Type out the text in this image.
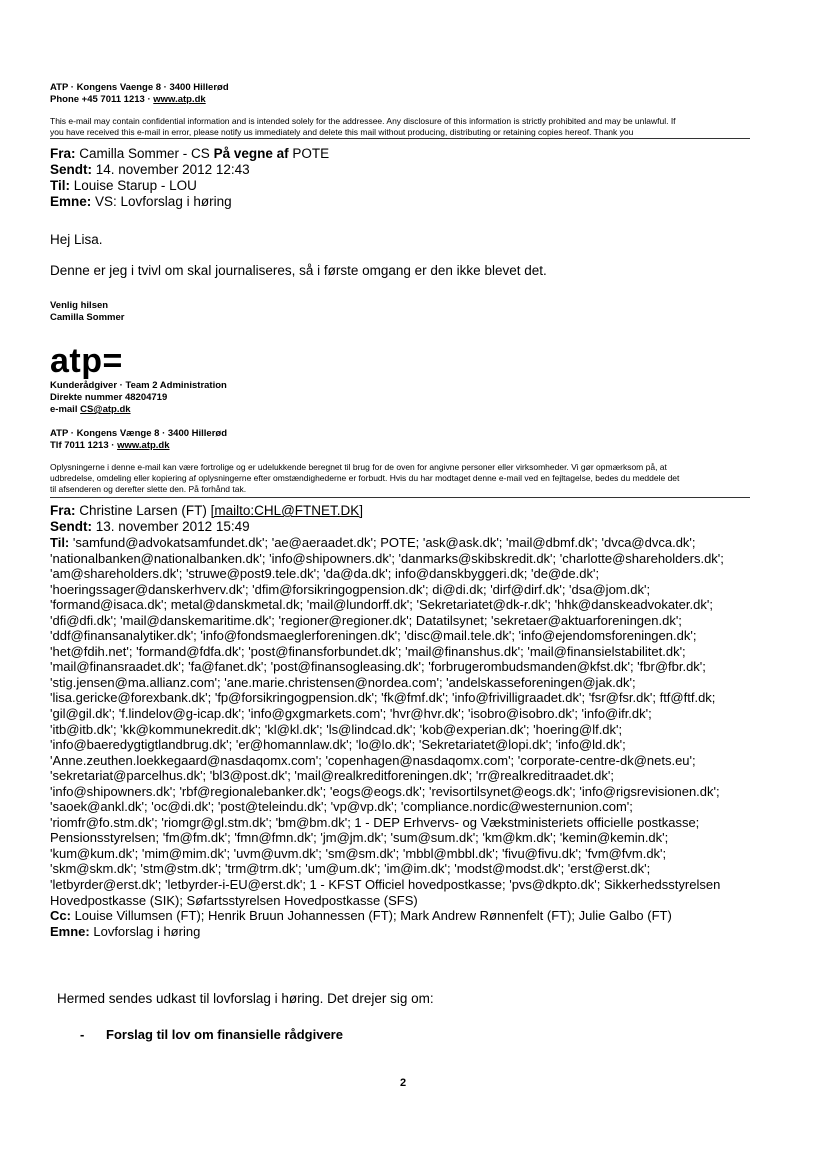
ATP · Kongens Vaenge 8 · 3400 Hillerød
Phone +45 7011 1213 · www.atp.dk
This e-mail may contain confidential information and is intended solely for the addressee. Any disclosure of this information is strictly prohibited and may be unlawful. If
you have received this e-mail in error, please notify us immediately and delete this mail without producing, distributing or retaining copies hereof. Thank you
Fra: Camilla Sommer - CS På vegne af POTE
Sendt: 14. november 2012 12:43
Til: Louise Starup - LOU
Emne: VS: Lovforslag i høring
Hej Lisa.
Denne er jeg i tvivl om skal journaliseres, så i første omgang er den ikke blevet det.
Venlig hilsen
Camilla Sommer
atp=
Kunderådgiver · Team 2 Administration
Direkte nummer 48204719
e-mail CS@atp.dk
ATP · Kongens Vænge 8 · 3400 Hillerød
Tlf 7011 1213 · www.atp.dk
Oplysningerne i denne e-mail kan være fortrolige og er udelukkende beregnet til brug for de oven for angivne personer eller virksomheder. Vi gør opmærksom på, at
udbredelse, omdeling eller kopiering af oplysningerne efter omstændighederne er forbudt. Hvis du har modtaget denne e-mail ved en fejltagelse, bedes du meddele det
til afsenderen og derefter slette den. På forhånd tak.
Fra: Christine Larsen (FT) [mailto:CHL@FTNET.DK]
Sendt: 13. november 2012 15:49
Til: 'samfund@advokatsamfundet.dk'; 'ae@aeraadet.dk'; POTE; 'ask@ask.dk'; 'mail@dbmf.dk'; 'dvca@dvca.dk';
'nationalbanken@nationalbanken.dk'; 'info@shipowners.dk'; 'danmarks@skibskredit.dk'; 'charlotte@shareholders.dk';
'am@shareholders.dk'; 'struwe@post9.tele.dk'; 'da@da.dk'; info@danskbyggeri.dk; 'de@de.dk';
'hoeringssager@danskerhverv.dk'; 'dfim@forsikringogpension.dk'; di@di.dk; 'dirf@dirf.dk'; 'dsa@jom.dk';
'formand@isaca.dk'; metal@danskmetal.dk; 'mail@lundorff.dk'; 'Sekretariatet@dk-r.dk'; 'hhk@danskeadvokater.dk';
'dfi@dfi.dk'; 'mail@danskemaritime.dk'; 'regioner@regioner.dk'; Datatilsynet; 'sekretaer@aktuarforeningen.dk';
'ddf@finansanalytiker.dk'; 'info@fondsmaeglerforeningen.dk'; 'disc@mail.tele.dk'; 'info@ejendomsforeningen.dk';
'het@fdih.net'; 'formand@fdfa.dk'; 'post@finansforbundet.dk'; 'mail@finanshus.dk'; 'mail@finansielstabilitet.dk';
'mail@finansraadet.dk'; 'fa@fanet.dk'; 'post@finansogleasing.dk'; 'forbrugerombudsmanden@kfst.dk'; 'fbr@fbr.dk';
'stig.jensen@ma.allianz.com'; 'ane.marie.christensen@nordea.com'; 'andelskasseforeningen@jak.dk';
'lisa.gericke@forexbank.dk'; 'fp@forsikringogpension.dk'; 'fk@fmf.dk'; 'info@frivilligraadet.dk'; 'fsr@fsr.dk'; ftf@ftf.dk;
'gil@gil.dk'; 'f.lindelov@g-icap.dk'; 'info@gxgmarkets.com'; 'hvr@hvr.dk'; 'isobro@isobro.dk'; 'info@ifr.dk';
'itb@itb.dk'; 'kk@kommunekredit.dk'; 'kl@kl.dk'; 'ls@lindcad.dk'; 'kob@experian.dk'; 'hoering@lf.dk';
'info@baeredygtigtlandbrug.dk'; 'er@homannlaw.dk'; 'lo@lo.dk'; 'Sekretariatet@lopi.dk'; 'info@ld.dk';
'Anne.zeuthen.loekkegaard@nasdaqomx.com'; 'copenhagen@nasdaqomx.com'; 'corporate-centre-dk@nets.eu';
'sekretariat@parcelhus.dk'; 'bl3@post.dk'; 'mail@realkreditforeningen.dk'; 'rr@realkreditraadet.dk';
'info@shipowners.dk'; 'rbf@regionalebanker.dk'; 'eogs@eogs.dk'; 'revisortilsynet@eogs.dk'; 'info@rigsrevisionen.dk';
'saoek@ankl.dk'; 'oc@di.dk'; 'post@teleindu.dk'; 'vp@vp.dk'; 'compliance.nordic@westernunion.com';
'riomfr@fo.stm.dk'; 'riomgr@gl.stm.dk'; 'bm@bm.dk'; 1 - DEP Erhvervs- og Vækstministeriets officielle postkasse;
Pensionsstyrelsen; 'fm@fm.dk'; 'fmn@fmn.dk'; 'jm@jm.dk'; 'sum@sum.dk'; 'km@km.dk'; 'kemin@kemin.dk';
'kum@kum.dk'; 'mim@mim.dk'; 'uvm@uvm.dk'; 'sm@sm.dk'; 'mbbl@mbbl.dk'; 'fivu@fivu.dk'; 'fvm@fvm.dk';
'skm@skm.dk'; 'stm@stm.dk'; 'trm@trm.dk'; 'um@um.dk'; 'im@im.dk'; 'modst@modst.dk'; 'erst@erst.dk';
'letbyrder@erst.dk'; 'letbyrder-i-EU@erst.dk'; 1 - KFST Officiel hovedpostkasse; 'pvs@dkpto.dk'; Sikkerhedsstyrelsen
Hovedpostkasse (SIK); Søfartsstyrelsen Hovedpostkasse (SFS)
Cc: Louise Villumsen (FT); Henrik Bruun Johannessen (FT); Mark Andrew Rønnenfelt (FT); Julie Galbo (FT)
Emne: Lovforslag i høring
Hermed sendes udkast til lovforslag i høring. Det drejer sig om:
- Forslag til lov om finansielle rådgivere
2
